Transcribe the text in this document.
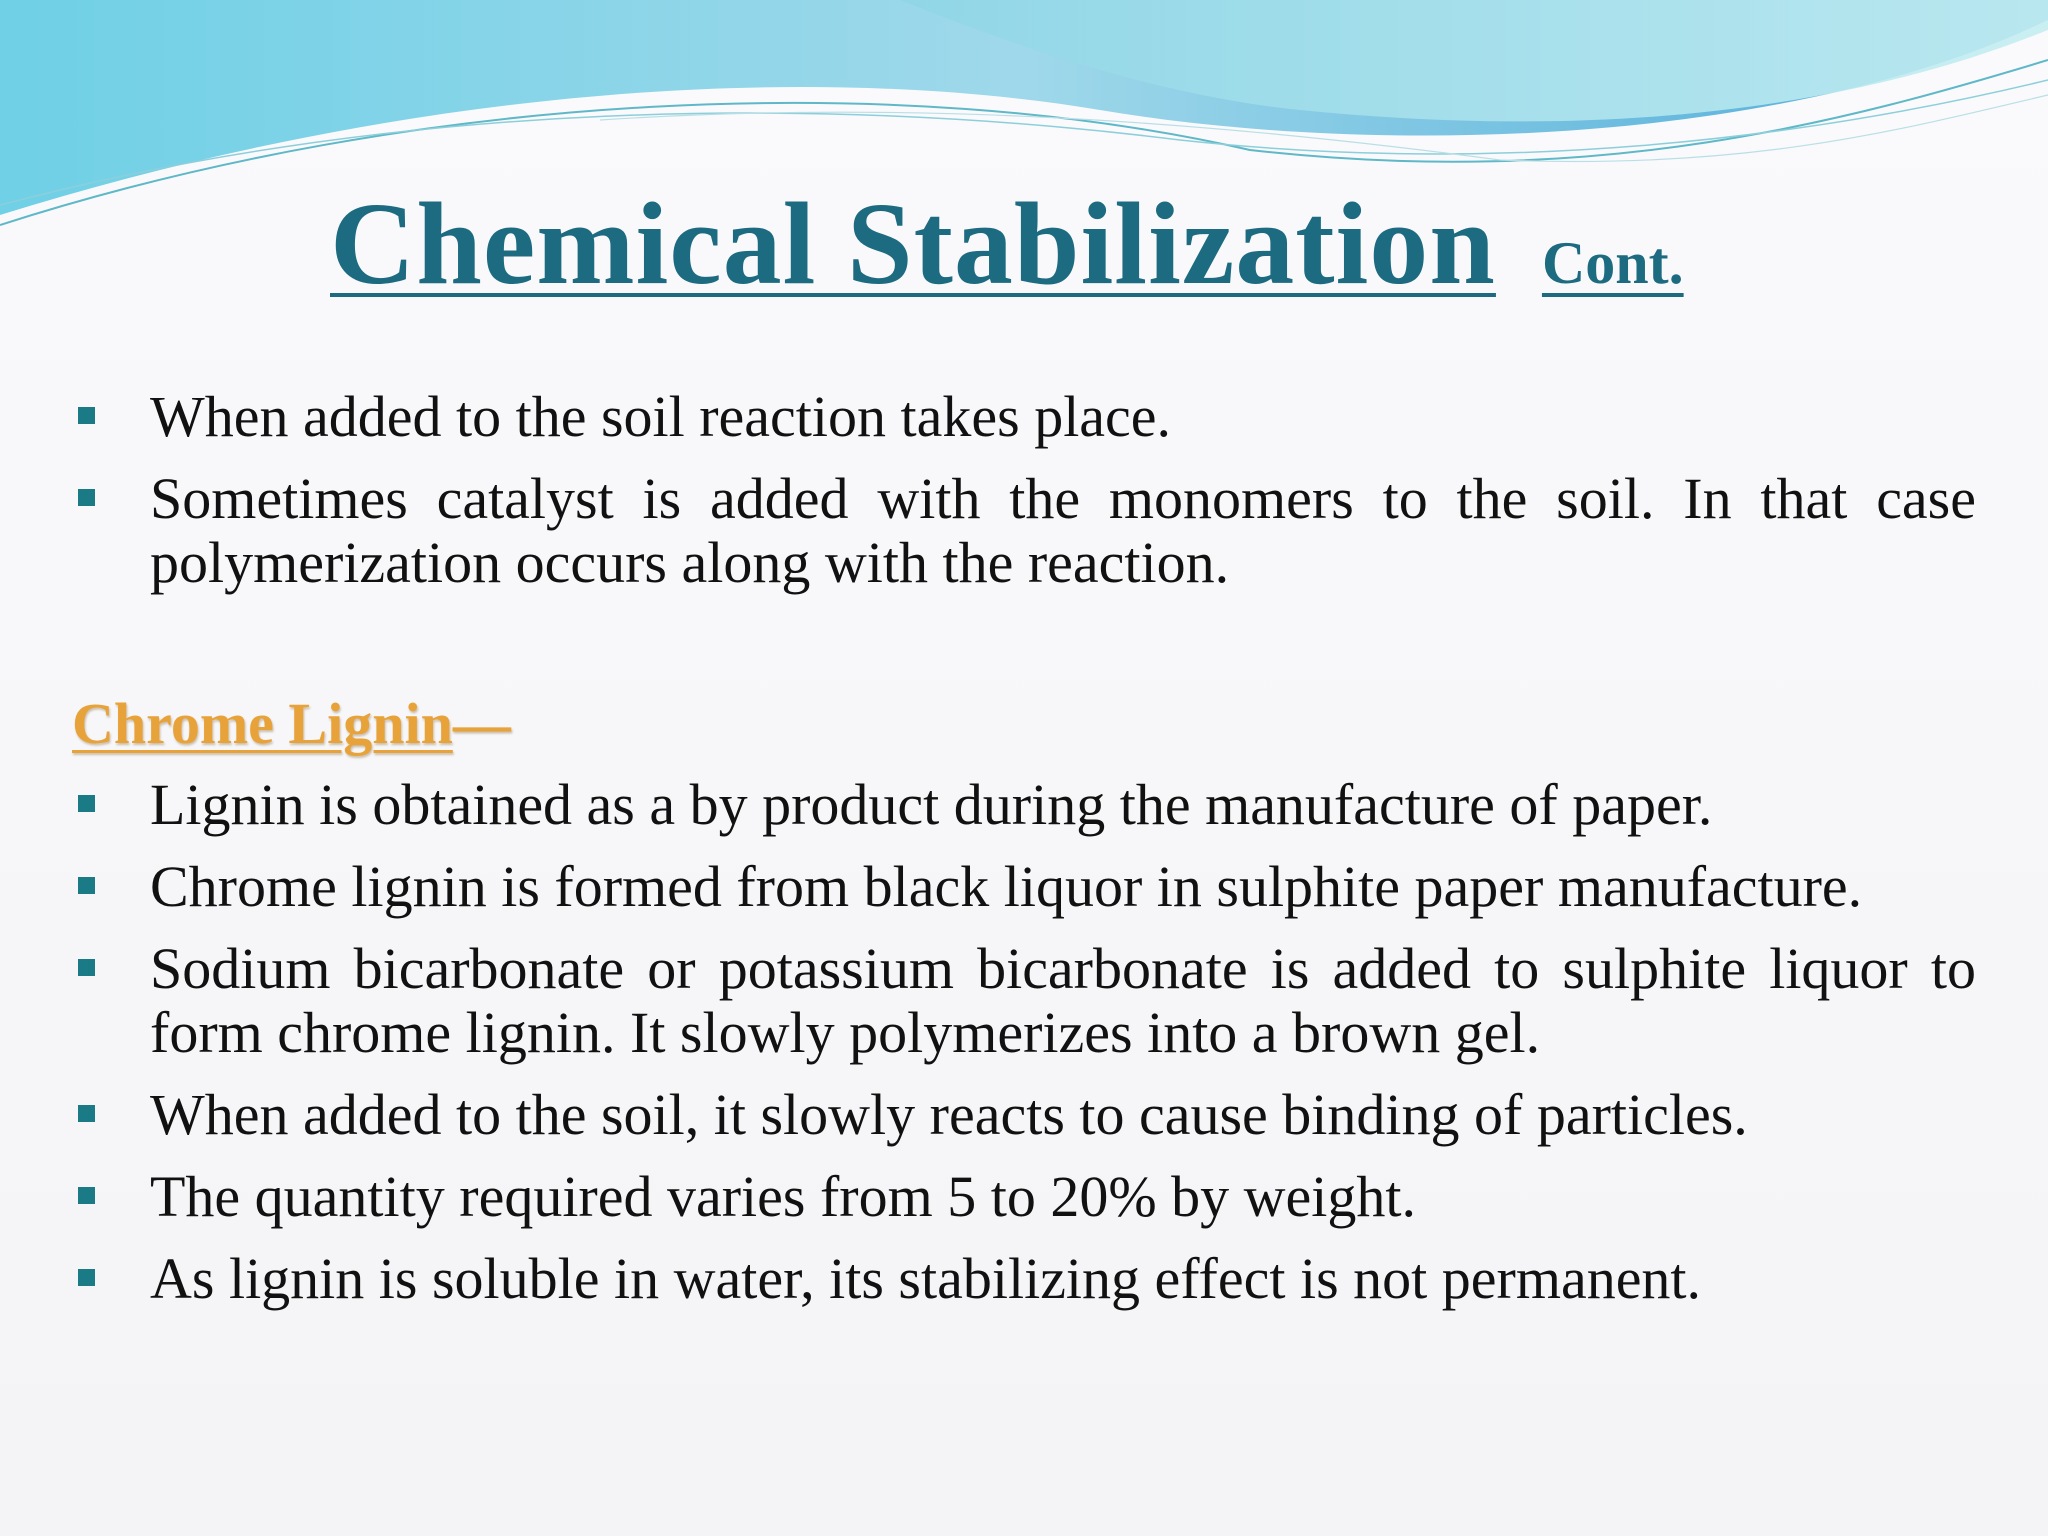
Chemical Stabilization Cont.
When added to the soil reaction takes place.
Sometimes catalyst is added with the monomers to the soil. In that case polymerization occurs along with the reaction.
Chrome Lignin—
Lignin is obtained as a by product during the manufacture of paper.
Chrome lignin is formed from black liquor in sulphite paper manufacture.
Sodium bicarbonate or potassium bicarbonate is added to sulphite liquor to form chrome lignin. It slowly polymerizes into a brown gel.
When added to the soil, it slowly reacts to cause binding of particles.
The quantity required varies from 5 to 20% by weight.
As lignin is soluble in water, its stabilizing effect is not permanent.
